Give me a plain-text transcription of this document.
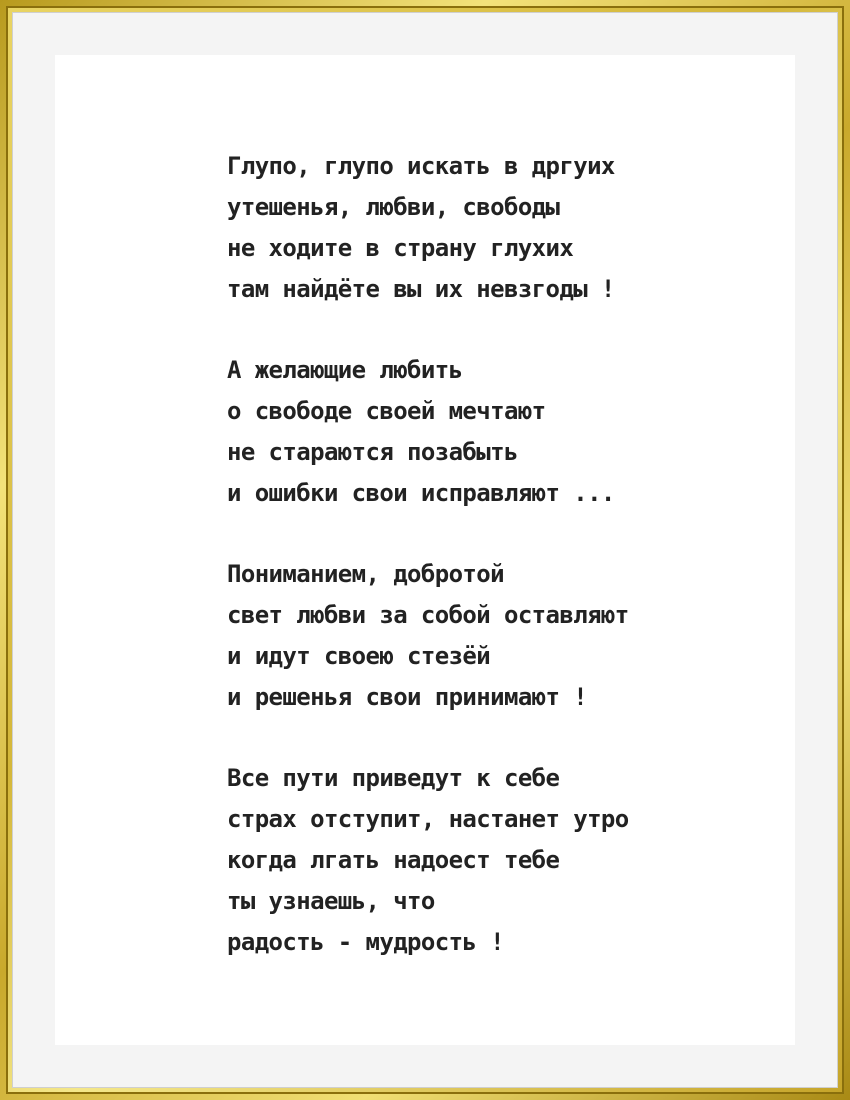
Глупо, глупо искать в дргуих
утешенья, любви, свободы
не ходите в страну глухих
там найдёте вы их невзгоды !
А желающие любить
о свободе своей мечтают
не стараются позабыть
и ошибки свои исправляют ...
Пониманием, добротой
свет любви за собой оставляют
и идут своею стезёй
и решенья свои принимают !
Все пути приведут к себе
страх отступит, настанет утро
когда лгать надоест тебе
ты узнаешь, что
радость - мудрость !
